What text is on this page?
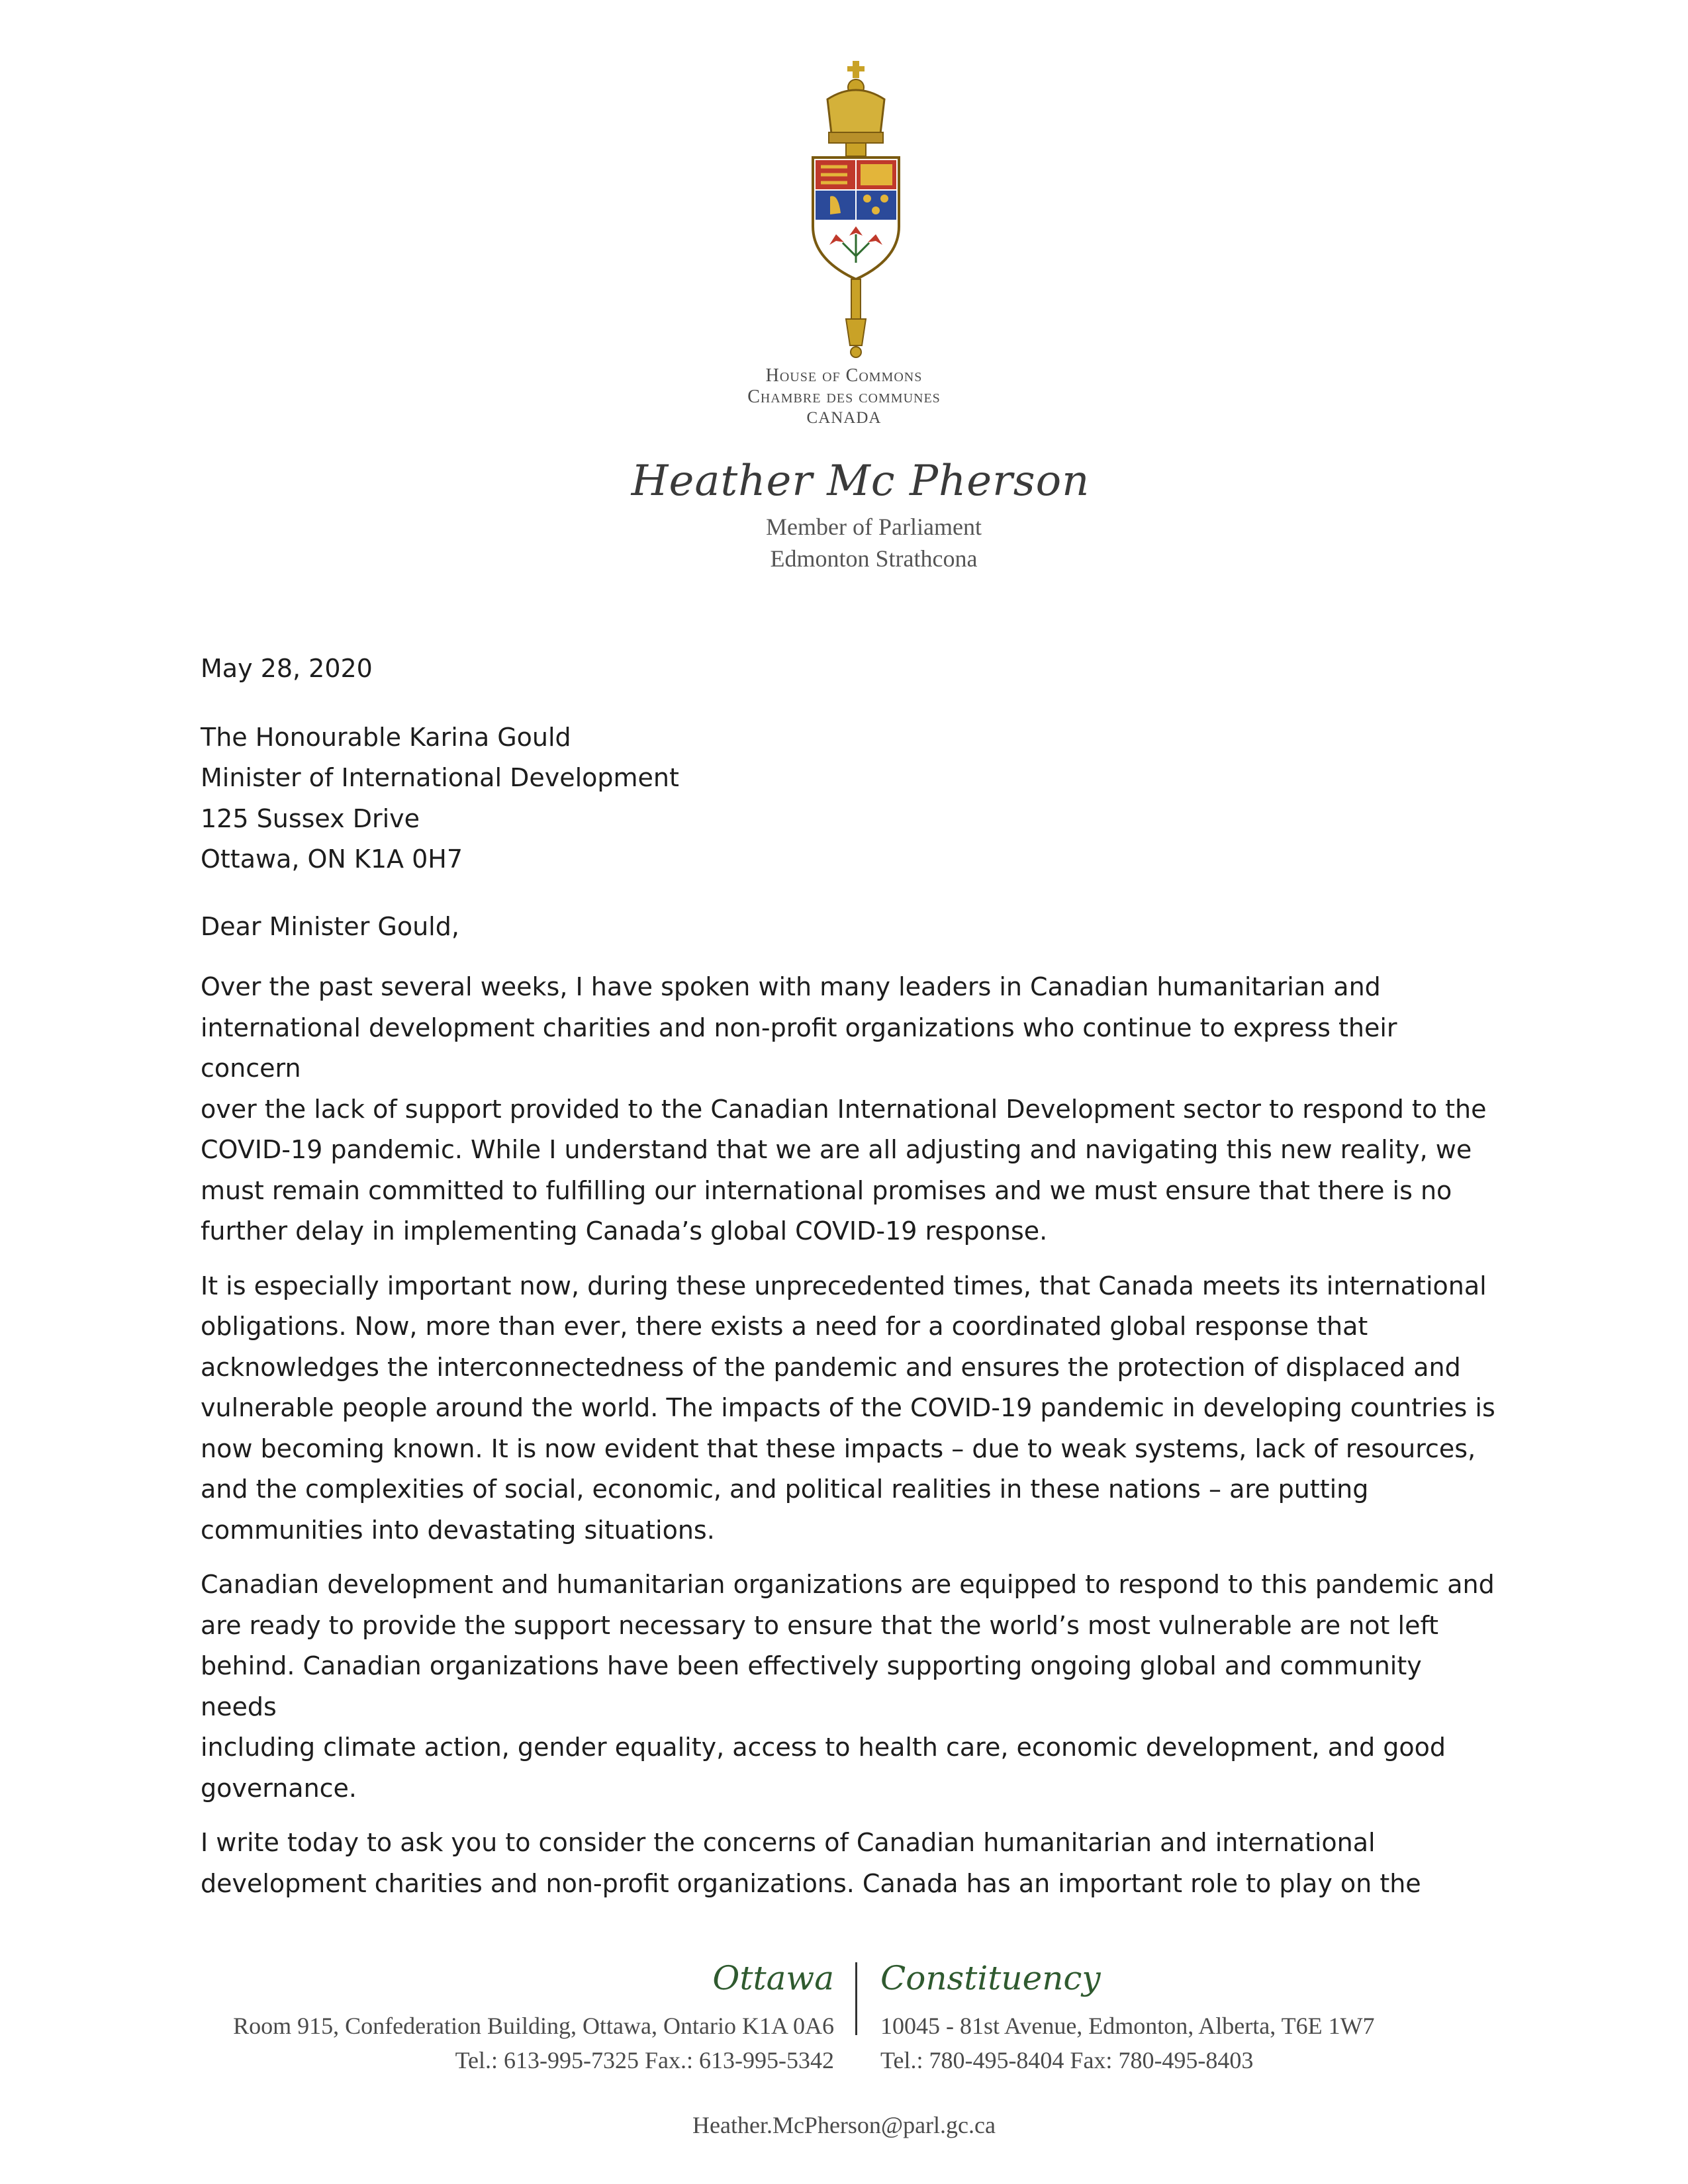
House of Commons
Chambre des communes
CANADA
Heather Mc Pherson
Member of Parliament
Edmonton Strathcona

May 28, 2020

The Honourable Karina Gould

Minister of International Development

125 Sussex Drive

Ottawa, ON K1A 0H7

Dear Minister Gould,

Over the past several weeks, I have spoken with many leaders in Canadian humanitarian and

international development charities and non-profit organizations who continue to express their concern

over the lack of support provided to the Canadian International Development sector to respond to the

COVID-19 pandemic. While I understand that we are all adjusting and navigating this new reality, we

must remain committed to fulfilling our international promises and we must ensure that there is no

further delay in implementing Canada’s global COVID-19 response.

It is especially important now, during these unprecedented times, that Canada meets its international

obligations. Now, more than ever, there exists a need for a coordinated global response that

acknowledges the interconnectedness of the pandemic and ensures the protection of displaced and

vulnerable people around the world. The impacts of the COVID-19 pandemic in developing countries is

now becoming known. It is now evident that these impacts – due to weak systems, lack of resources,

and the complexities of social, economic, and political realities in these nations – are putting

communities into devastating situations.

Canadian development and humanitarian organizations are equipped to respond to this pandemic and

are ready to provide the support necessary to ensure that the world’s most vulnerable are not left

behind. Canadian organizations have been effectively supporting ongoing global and community needs

including climate action, gender equality, access to health care, economic development, and good

governance.

I write today to ask you to consider the concerns of Canadian humanitarian and international

development charities and non-profit organizations. Canada has an important role to play on the

Ottawa Constituency
Room 915, Confederation Building, Ottawa, Ontario K1A 0A6
Tel.: 613-995-7325 Fax.: 613-995-5342
10045 - 81st Avenue, Edmonton, Alberta, T6E 1W7
Tel.: 780-495-8404 Fax: 780-495-8403
Heather.McPherson@parl.gc.ca
